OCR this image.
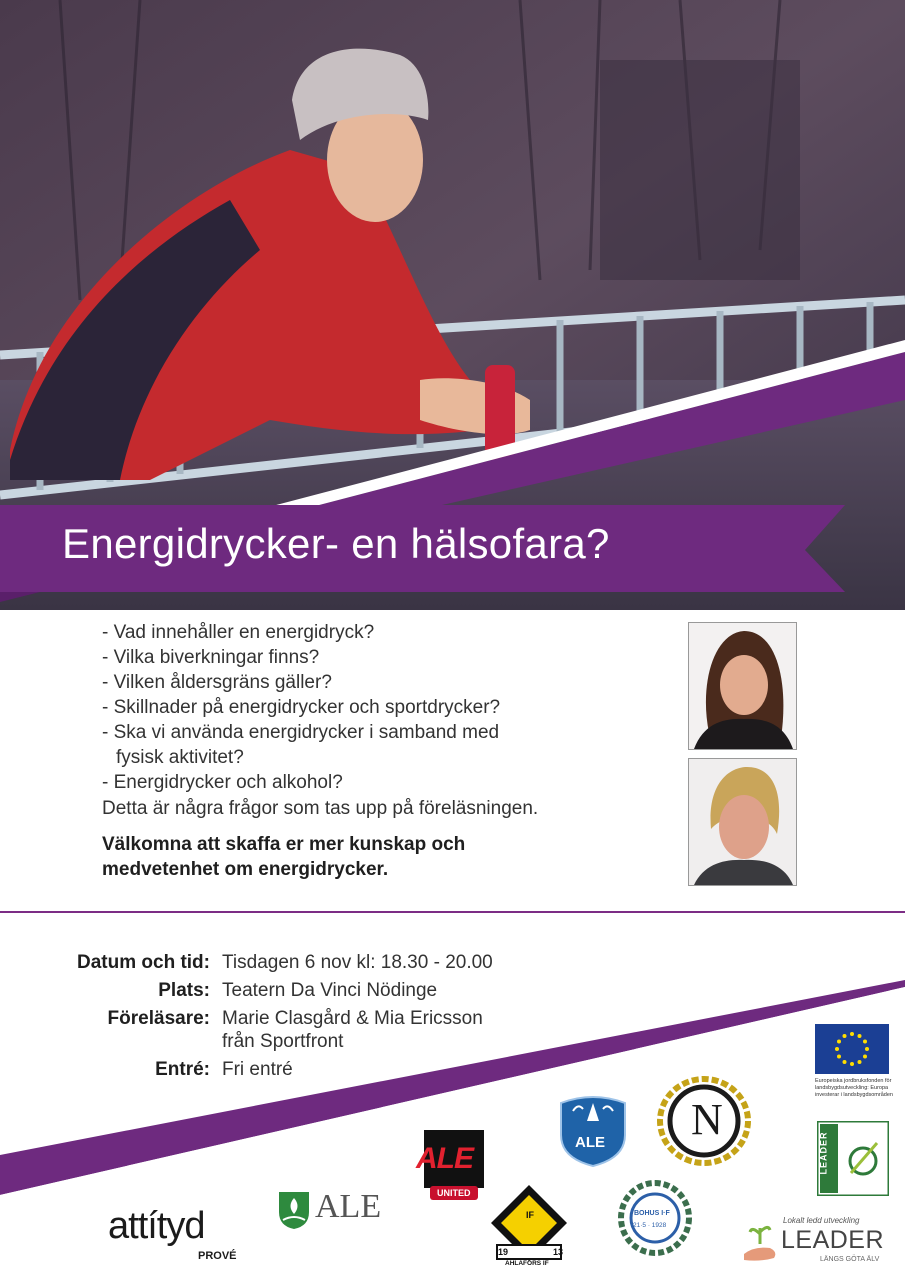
Energidrycker- en hälsofara?
- Vad innehåller en energidryck?
- Vilka biverkningar finns?
- Vilken åldersgräns gäller?
- Skillnader på energidrycker och sportdrycker?
- Ska vi använda energidrycker i samband med
fysisk aktivitet?
- Energidrycker och alkohol?
Detta är några frågor som tas upp på föreläsningen.
Välkomna att skaffa er mer kunskap och
medvetenhet om energidrycker.
Datum och tid: Tisdagen 6 nov kl: 18.30 - 20.00
Plats: Teatern Da Vinci Nödinge
Föreläsare: Marie Clasgård & Mia Ericsson
från Sportfront
Entré: Fri entré
Europeiska jordbruksfonden för
landsbygdsutveckling: Europa
investerar i landsbygdsområden
LEADER
N
ALE
ALE
UNITED
IF
19	13
AHLAFORS IF
BOHUS I·F
21·5 · 1928
attítyd
PROVÉ
ALE	Lokalt ledd utveckling
LEADER
LÄNGS GÖTA ÄLV
